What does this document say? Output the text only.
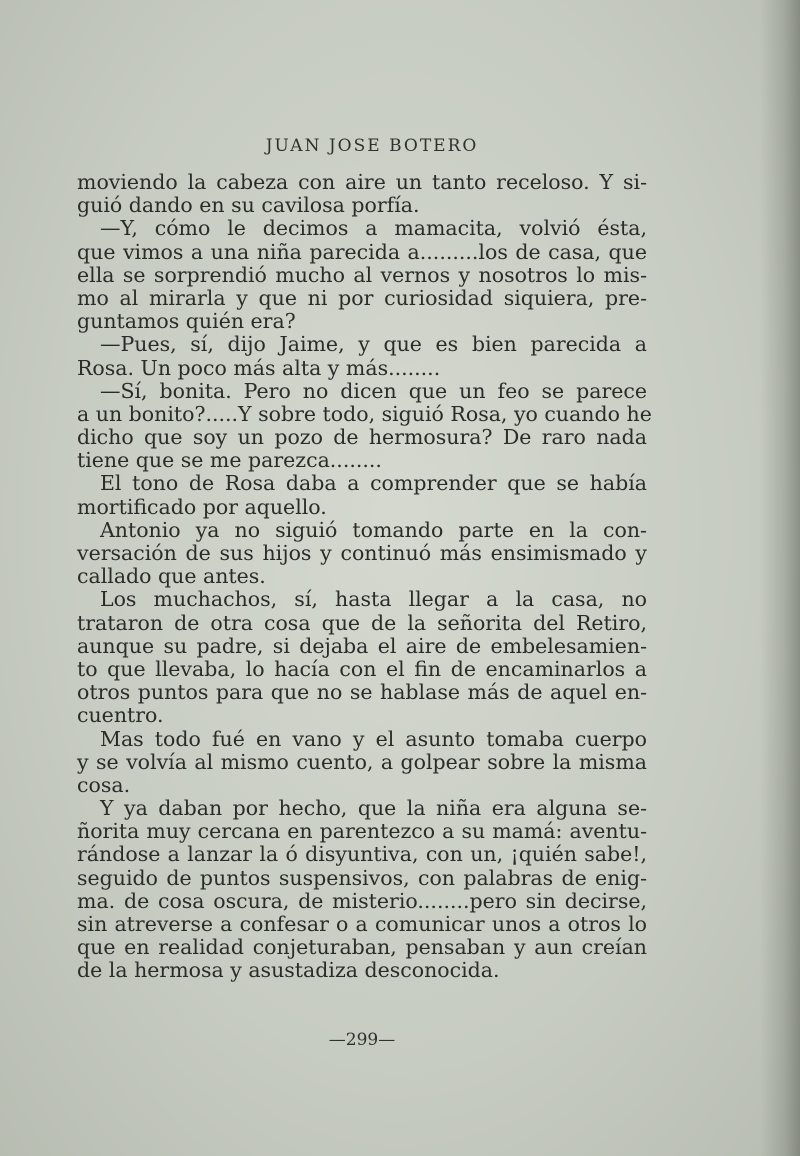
JUAN JOSE BOTERO
moviendo la cabeza con aire un tanto receloso. Y si-
guió dando en su cavilosa porfía.
—Y, cómo le decimos a mamacita, volvió ésta,
que vimos a una niña parecida a.........los de casa, que
ella se sorprendió mucho al vernos y nosotros lo mis-
mo al mirarla y que ni por curiosidad siquiera, pre-
guntamos quién era?
—Pues, sí, dijo Jaime, y que es bien parecida a
Rosa. Un poco más alta y más........
—Sí, bonita. Pero no dicen que un feo se parece
a un bonito?.....Y sobre todo, siguió Rosa, yo cuando he
dicho que soy un pozo de hermosura? De raro nada
tiene que se me parezca........
El tono de Rosa daba a comprender que se había
mortificado por aquello.
Antonio ya no siguió tomando parte en la con-
versación de sus hijos y continuó más ensimismado y
callado que antes.
Los muchachos, sí, hasta llegar a la casa, no
trataron de otra cosa que de la señorita del Retiro,
aunque su padre, si dejaba el aire de embelesamien-
to que llevaba, lo hacía con el fin de encaminarlos a
otros puntos para que no se hablase más de aquel en-
cuentro.
Mas todo fué en vano y el asunto tomaba cuerpo
y se volvía al mismo cuento, a golpear sobre la misma
cosa.
Y ya daban por hecho, que la niña era alguna se-
ñorita muy cercana en parentezco a su mamá: aventu-
rándose a lanzar la ó disyuntiva, con un, ¡quién sabe!,
seguido de puntos suspensivos, con palabras de enig-
ma. de cosa oscura, de misterio........pero sin decirse,
sin atreverse a confesar o a comunicar unos a otros lo
que en realidad conjeturaban, pensaban y aun creían
de la hermosa y asustadiza desconocida.
—299—
